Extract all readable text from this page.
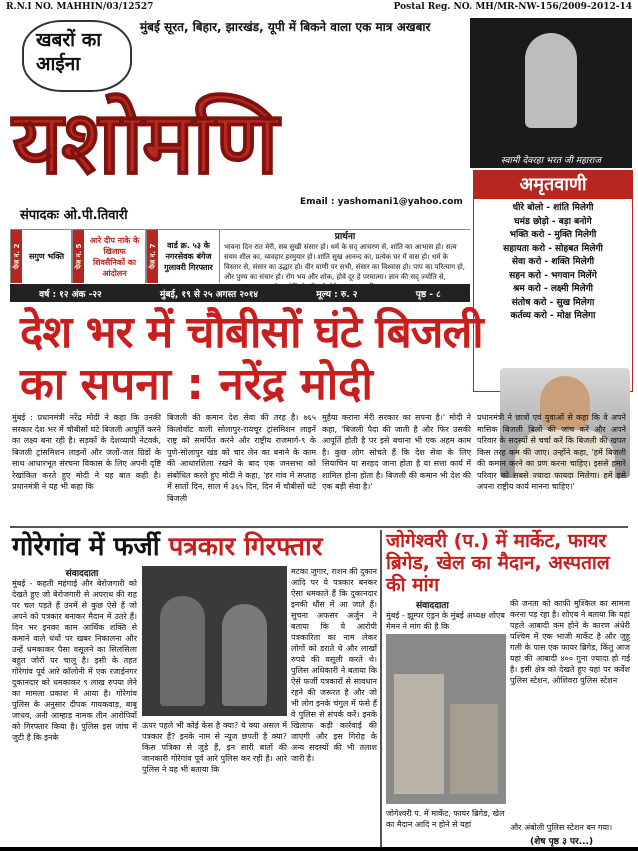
R.N.I NO. MAHHIN/03/12527	Postal Reg. NO. MH/MR-NW-156/2009-2012-14
मुंबई सूरत, बिहार, झारखंड, यूपी में बिकने वाला एक मात्र अखबार
खबरों का
आईना
यशोमणि	स्वामी देवरहा भरत जी महाराज
Email : yashomani1@yahoo.com
संपादकः ओ.पी.तिवारी
अमृतवाणी
धीरे बोलो - शांति मिलेगी
घमंड छोड़ो - बड़ा बनोगे
भक्ति करो - मुक्ति मिलेगी
सहायता करो - सोहबत मिलेगी
सेवा करो - शक्ति मिलेगी
सहन करो - भगवान मिलेंगे
श्रम करो - लक्ष्मी मिलेगी
संतोष करो - सुख मिलेगा
कर्तव्य करो - मोक्ष मिलेगा
पेज न. 2 सगुण भक्ति	पेज न. 5
आरे दीप नाके के खिलाफ शिवसैनिकों का आंदोलन
पेज न. 7	वार्ड क्र. ५३ के नगरसेवक बंगेज गुलावरी गिरफ्तार
प्रार्थना
भावना दिन रात मेरी, सब सुखी संसार हो। धर्म के सद् आचरण से, शांति का आभास हो। सत्य संयम शील का, व्यवहार हरमुयार हो। शांति सुख आनन्द का, प्रत्येक घर में वास हो। धर्म के विस्तार से, संसार का उद्धार हो। वीर वाणी पर सभी, संसार का विश्वास हो। पाप का परित्याग हो, और पुण्य का संचार हो। रोग भय और शोक, होवे दूर हे परमात्मा। ज्ञान की सद् ज्योति से,
वर्ष : १२ अंक -२२	मुंबई, १९ से २५ अगस्त २०१४	मूल्य : रु. २	पृष्ठ - ८
देश भर में चौबीसों घंटे बिजली
का सपना : नरेंद्र मोदी
मुंबई : प्रधानमंत्री नरेंद्र मोदी ने कहा कि उनकी सरकार देश भर में चौबीसों घंटे बिजली आपूर्ति करने का लक्ष्य बना रही है। सड़कों के देशव्यापी नेटवर्क, बिजली ट्रांसमिशन लाइनों और जलों-जल ग्रिडों के साथ आधारभूत संरचना विकास के लिए अपनी दृष्टि रेखांकित करते हुए मोदी ने यह बात कही है। प्रधानमंत्री ने यह भी कहा कि
बिजली की कमान देश सेवा की तरह है। ७६५ किलोवॉट वाली सोलापुर-रायचूर ट्रांसमिशन लाइनें राष्ट्र को समर्पित करने और राष्ट्रीय राजमार्ग-९ के पुणे-सोलापुर खंड को चार लेन का बनाने के काम की आधारशिला रखने के बाद एक जनसभा को संबोधित करते हुए मोदी ने कहा, 'हर गांव में सप्ताह में सातों दिन, साल में ३६५ दिन, दिन में चौबीसों घंटे बिजली
मुहैया कराना मेरी सरकार का सपना है।' मोदी ने कहा, 'बिजली पैदा की जाती है और फिर उसकी आपूर्ति होती है पर इसे बचाना भी एक अहम काम है। कुछ लोग सोचते हैं कि देश सेवा के लिए सियाचिन या सरहद जाना होता है या सत्ता कार्य में शामिल होना होता है। बिजली की कमान भी देश की एक बड़ी सेवा है।'
प्रधानमंत्री ने छात्रों एवं युवाओं से कहा कि वे अपने मासिक बिजली बिलों की जांच करें और अपने परिवार के सदस्यों से चर्चा करें कि बिजली की खपत किस तरह कम की जाए। उन्होंने कहा, 'हमें बिजली की कमान करने का प्रण करना चाहिए। इससे हमारे परिवार को सबसे ज्यादा फायदा मिलेगा। हमें इसे अपना राष्ट्रीय कार्य मानना चाहिए।'
गोरेगांव में फर्जी पत्रकार गिरफ्तार
संवाददाता
मुंबई - कहती महंगाई और बेरोजगारी को देखते हुए जो बेरोजगारी से अपराध की राह पर चल पड़ते हैं उनमें से कुछ ऐसे हैं जो अपने को पत्रकार बनाकर मैदान में उतरे हैं। दिन भर इनका काम आर्थिक शक्ति से कमाने वाले धंधों पर खबर निकालना और उन्हें धमकाकर पैसा वसूलने का सिलसिला बहुत जोरों पर चालू है। इसी के तहत गोरेगांव पूर्व आरे कॉलोनी में एक रजाईनगर दुकानदार को धमकाकर ९ लाख रुपया लेने का मामला प्रकाश में आया है। गोरेगांव पुलिस के अनुसार दीपक गायकवाड़, बाबू जाधव, अनी आम्हाड़ नामक तीन आरोपियों को गिरफ्तार किया है। पुलिस इस जांच में जुटी है कि इनके
ऊपर पहले भी कोई केस है क्या? ये क्या असल में पत्रकार हैं? इनके नाम से न्यूज छपती है क्या? किस पत्रिका से जुड़े हैं, इन सारी बातों की जानकारी गोरेगांव पूर्व आरे पुलिस कर रही है। आरे पुलिस ने यह भी बताया कि
मटका जुगार, राशन की दुकान आदि पर ये पत्रकार बनकर ऐसा धमकाते हैं कि दुकानदार इनकी धौंस में आ जाते हैं। सुचना अफसर अर्जुन ने बताया कि ये आरोपी पत्रकारिता का नाम लेकर लोगों को डराते थे और लाखों रुपये की वसूली करते थे। पुलिस अधिकारी ने बताया कि ऐसे फर्जी पत्रकारों से सावधान रहने की जरूरत है और जो भी लोग इनके चंगुल में फंसे हैं वे पुलिस से संपर्क करें। इनके खिलाफ कड़ी कार्रवाई की जाएगी और इस गिरोह के अन्य सदस्यों की भी तलाश जारी है।
जोगेश्वरी (प.) में मार्केट, फायर ब्रिगेड, खेल का मैदान, अस्पताल की मांग
संवाददाता
मुंबई - झूम्पर एंड्रन के मुंबई अध्यक्ष शोएब मेमन ने मांग की है कि
जोगेश्वरी प. में मार्केट, फायर ब्रिगेड, खेल का मैदान आदि न होने से यहां
की जनता को काफी मुश्किल का सामना करना पड़ रहा है। शोएब ने बताया कि यहां पहले आबादी कम होने के कारण अंधेरी पश्चिम में एक भाजी मार्केट है और जुहू गली के पास एक फायर ब्रिगेड, किंतु आज यहां की आबादी ४०० गुना ज्यादा हो गई है। इसी क्षेत्र को देखते हुए यहां पर कर्वेश पुलिस स्टेशन, ओशिवरा पुलिस स्टेशन
और अंबोली पुलिस स्टेशन बन गया।
(शेष पृष्ठ ३ पर...)
